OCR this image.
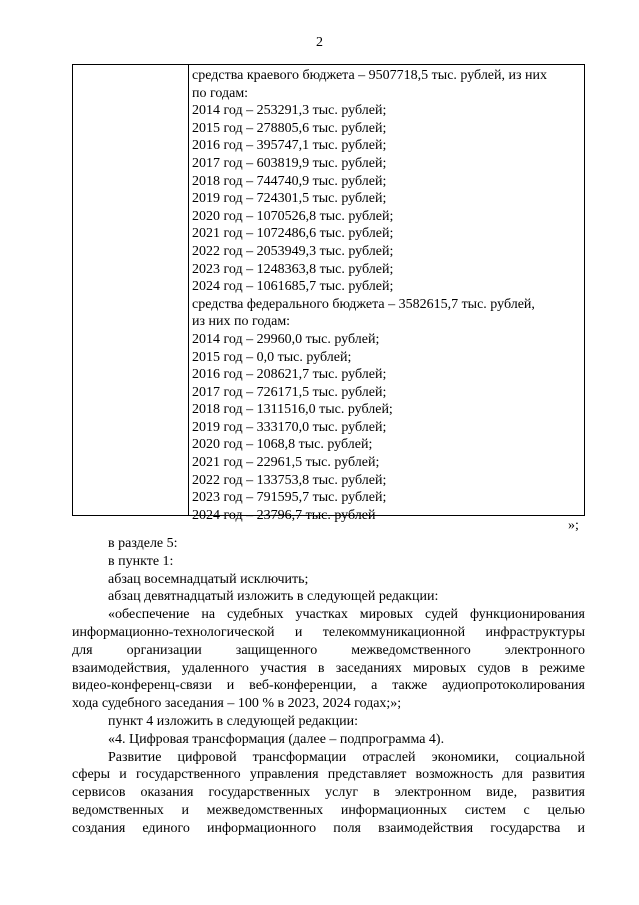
2
средства краевого бюджета – 9507718,5 тыс. рублей, из них
по годам:
2014 год – 253291,3 тыс. рублей;
2015 год – 278805,6 тыс. рублей;
2016 год – 395747,1 тыс. рублей;
2017 год – 603819,9 тыс. рублей;
2018 год – 744740,9 тыс. рублей;
2019 год – 724301,5 тыс. рублей;
2020 год – 1070526,8 тыс. рублей;
2021 год – 1072486,6 тыс. рублей;
2022 год – 2053949,3 тыс. рублей;
2023 год – 1248363,8 тыс. рублей;
2024 год – 1061685,7 тыс. рублей;
средства федерального бюджета – 3582615,7 тыс. рублей,
из них по годам:
2014 год – 29960,0 тыс. рублей;
2015 год – 0,0 тыс. рублей;
2016 год – 208621,7 тыс. рублей;
2017 год – 726171,5 тыс. рублей;
2018 год – 1311516,0 тыс. рублей;
2019 год – 333170,0 тыс. рублей;
2020 год – 1068,8 тыс. рублей;
2021 год – 22961,5 тыс. рублей;
2022 год – 133753,8 тыс. рублей;
2023 год – 791595,7 тыс. рублей;
2024 год – 23796,7 тыс. рублей
»;
в разделе 5:
в пункте 1:
абзац восемнадцатый исключить;
абзац девятнадцатый изложить в следующей редакции:
«обеспечение на судебных участках мировых судей функционирования
информационно-технологической и телекоммуникационной инфраструктуры
для организации защищенного межведомственного электронного
взаимодействия, удаленного участия в заседаниях мировых судов в режиме
видео-конференц-связи и веб-конференции, а также аудиопротоколирования
хода судебного заседания – 100 % в 2023, 2024 годах;»;
пункт 4 изложить в следующей редакции:
«4. Цифровая трансформация (далее – подпрограмма 4).
Развитие цифровой трансформации отраслей экономики, социальной
сферы и государственного управления представляет возможность для развития
сервисов оказания государственных услуг в электронном виде, развития
ведомственных и межведомственных информационных систем с целью
создания единого информационного поля взаимодействия государства и
